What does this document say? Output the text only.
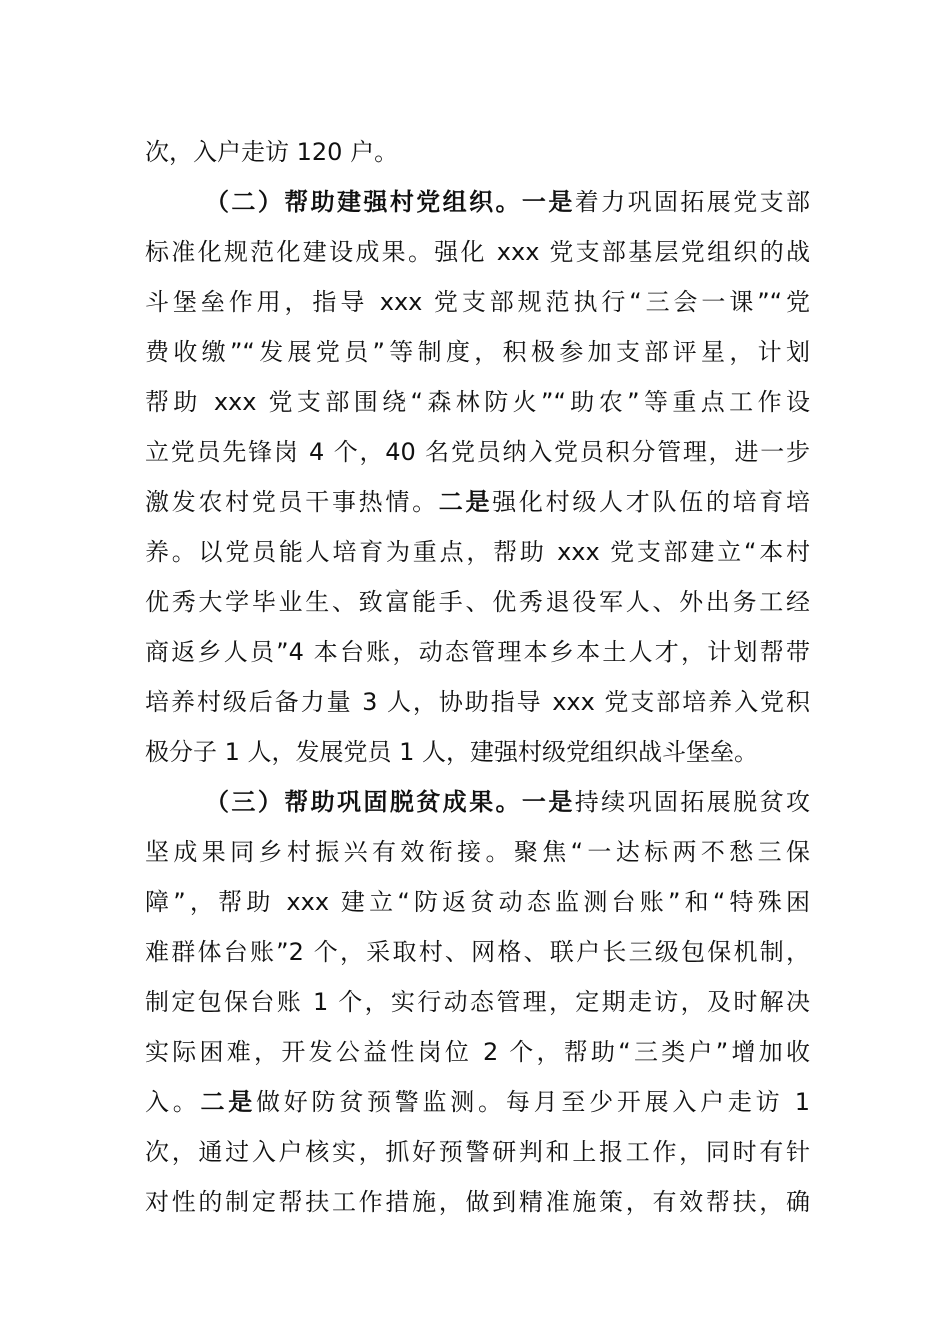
次，入户走访 120 户。
（二）帮助建强村党组织。一是着力巩固拓展党支部
标准化规范化建设成果。强化 xxx 党支部基层党组织的战
斗堡垒作用，指导 xxx 党支部规范执行“三会一课”“党
费收缴”“发展党员”等制度，积极参加支部评星，计划
帮助 xxx 党支部围绕“森林防火”“助农”等重点工作设
立党员先锋岗 4 个，40 名党员纳入党员积分管理，进一步
激发农村党员干事热情。二是强化村级人才队伍的培育培
养。以党员能人培育为重点，帮助 xxx 党支部建立“本村
优秀大学毕业生、致富能手、优秀退役军人、外出务工经
商返乡人员”4 本台账，动态管理本乡本土人才，计划帮带
培养村级后备力量 3 人，协助指导 xxx 党支部培养入党积
极分子 1 人，发展党员 1 人，建强村级党组织战斗堡垒。
（三）帮助巩固脱贫成果。一是持续巩固拓展脱贫攻
坚成果同乡村振兴有效衔接。聚焦“一达标两不愁三保
障”，帮助 xxx 建立“防返贫动态监测台账”和“特殊困
难群体台账”2 个，采取村、网格、联户长三级包保机制，
制定包保台账 1 个，实行动态管理，定期走访，及时解决
实际困难，开发公益性岗位 2 个，帮助“三类户”增加收
入。二是做好防贫预警监测。每月至少开展入户走访 1
次，通过入户核实，抓好预警研判和上报工作，同时有针
对性的制定帮扶工作措施，做到精准施策，有效帮扶，确
